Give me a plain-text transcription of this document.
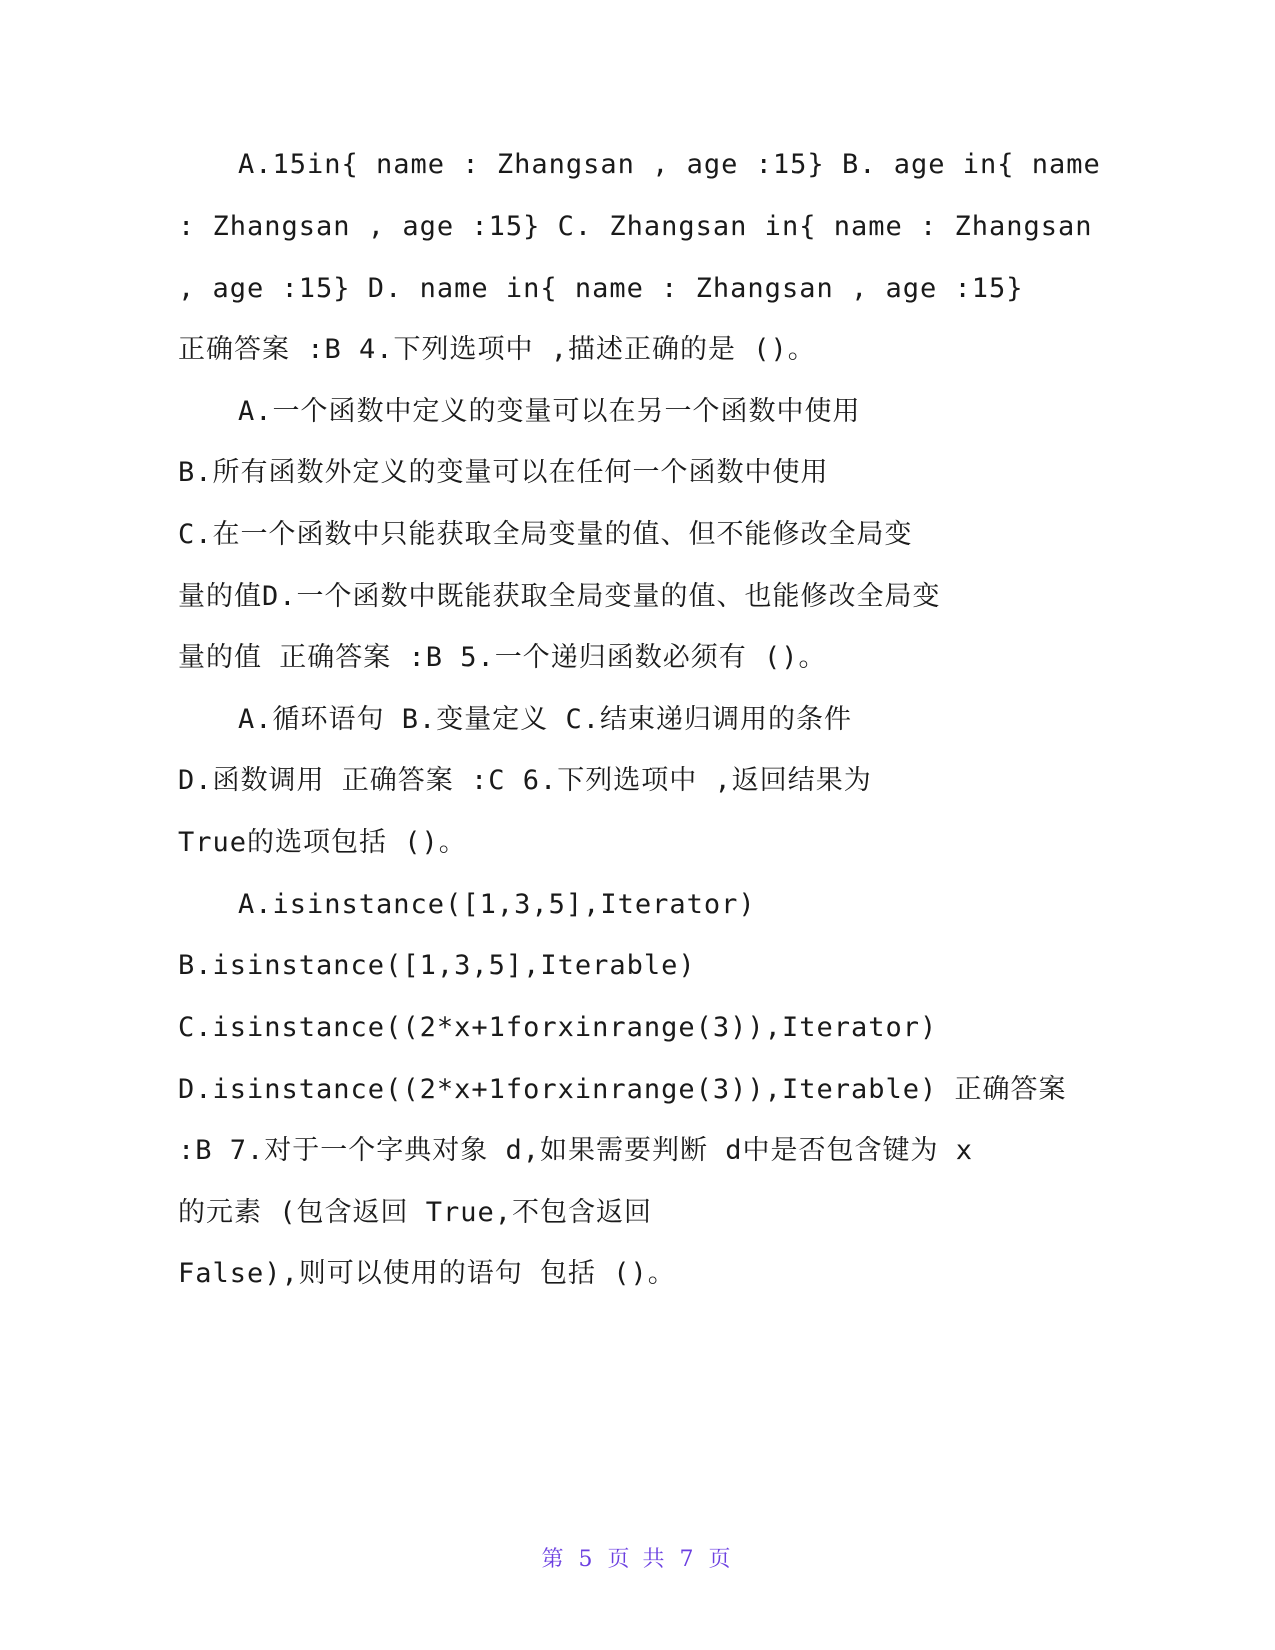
A.15in{ name : Zhangsan , age :15} B. age in{ name
: Zhangsan , age :15} C. Zhangsan in{ name : Zhangsan
, age :15} D. name in{ name : Zhangsan , age :15}
正确答案 :B 4.下列选项中 ,描述正确的是 ()。
A.一个函数中定义的变量可以在另一个函数中使用
B.所有函数外定义的变量可以在任何一个函数中使用
C.在一个函数中只能获取全局变量的值、但不能修改全局变
量的值D.一个函数中既能获取全局变量的值、也能修改全局变
量的值 正确答案 :B 5.一个递归函数必须有 ()。
A.循环语句 B.变量定义 C.结束递归调用的条件
D.函数调用 正确答案 :C 6.下列选项中 ,返回结果为
True的选项包括 ()。
A.isinstance([1,3,5],Iterator)
B.isinstance([1,3,5],Iterable)
C.isinstance((2*x+1forxinrange(3)),Iterator)
D.isinstance((2*x+1forxinrange(3)),Iterable) 正确答案
:B 7.对于一个字典对象 d,如果需要判断 d中是否包含键为 x
的元素 (包含返回 True,不包含返回
False),则可以使用的语句 包括 ()。
第 5 页 共 7 页
